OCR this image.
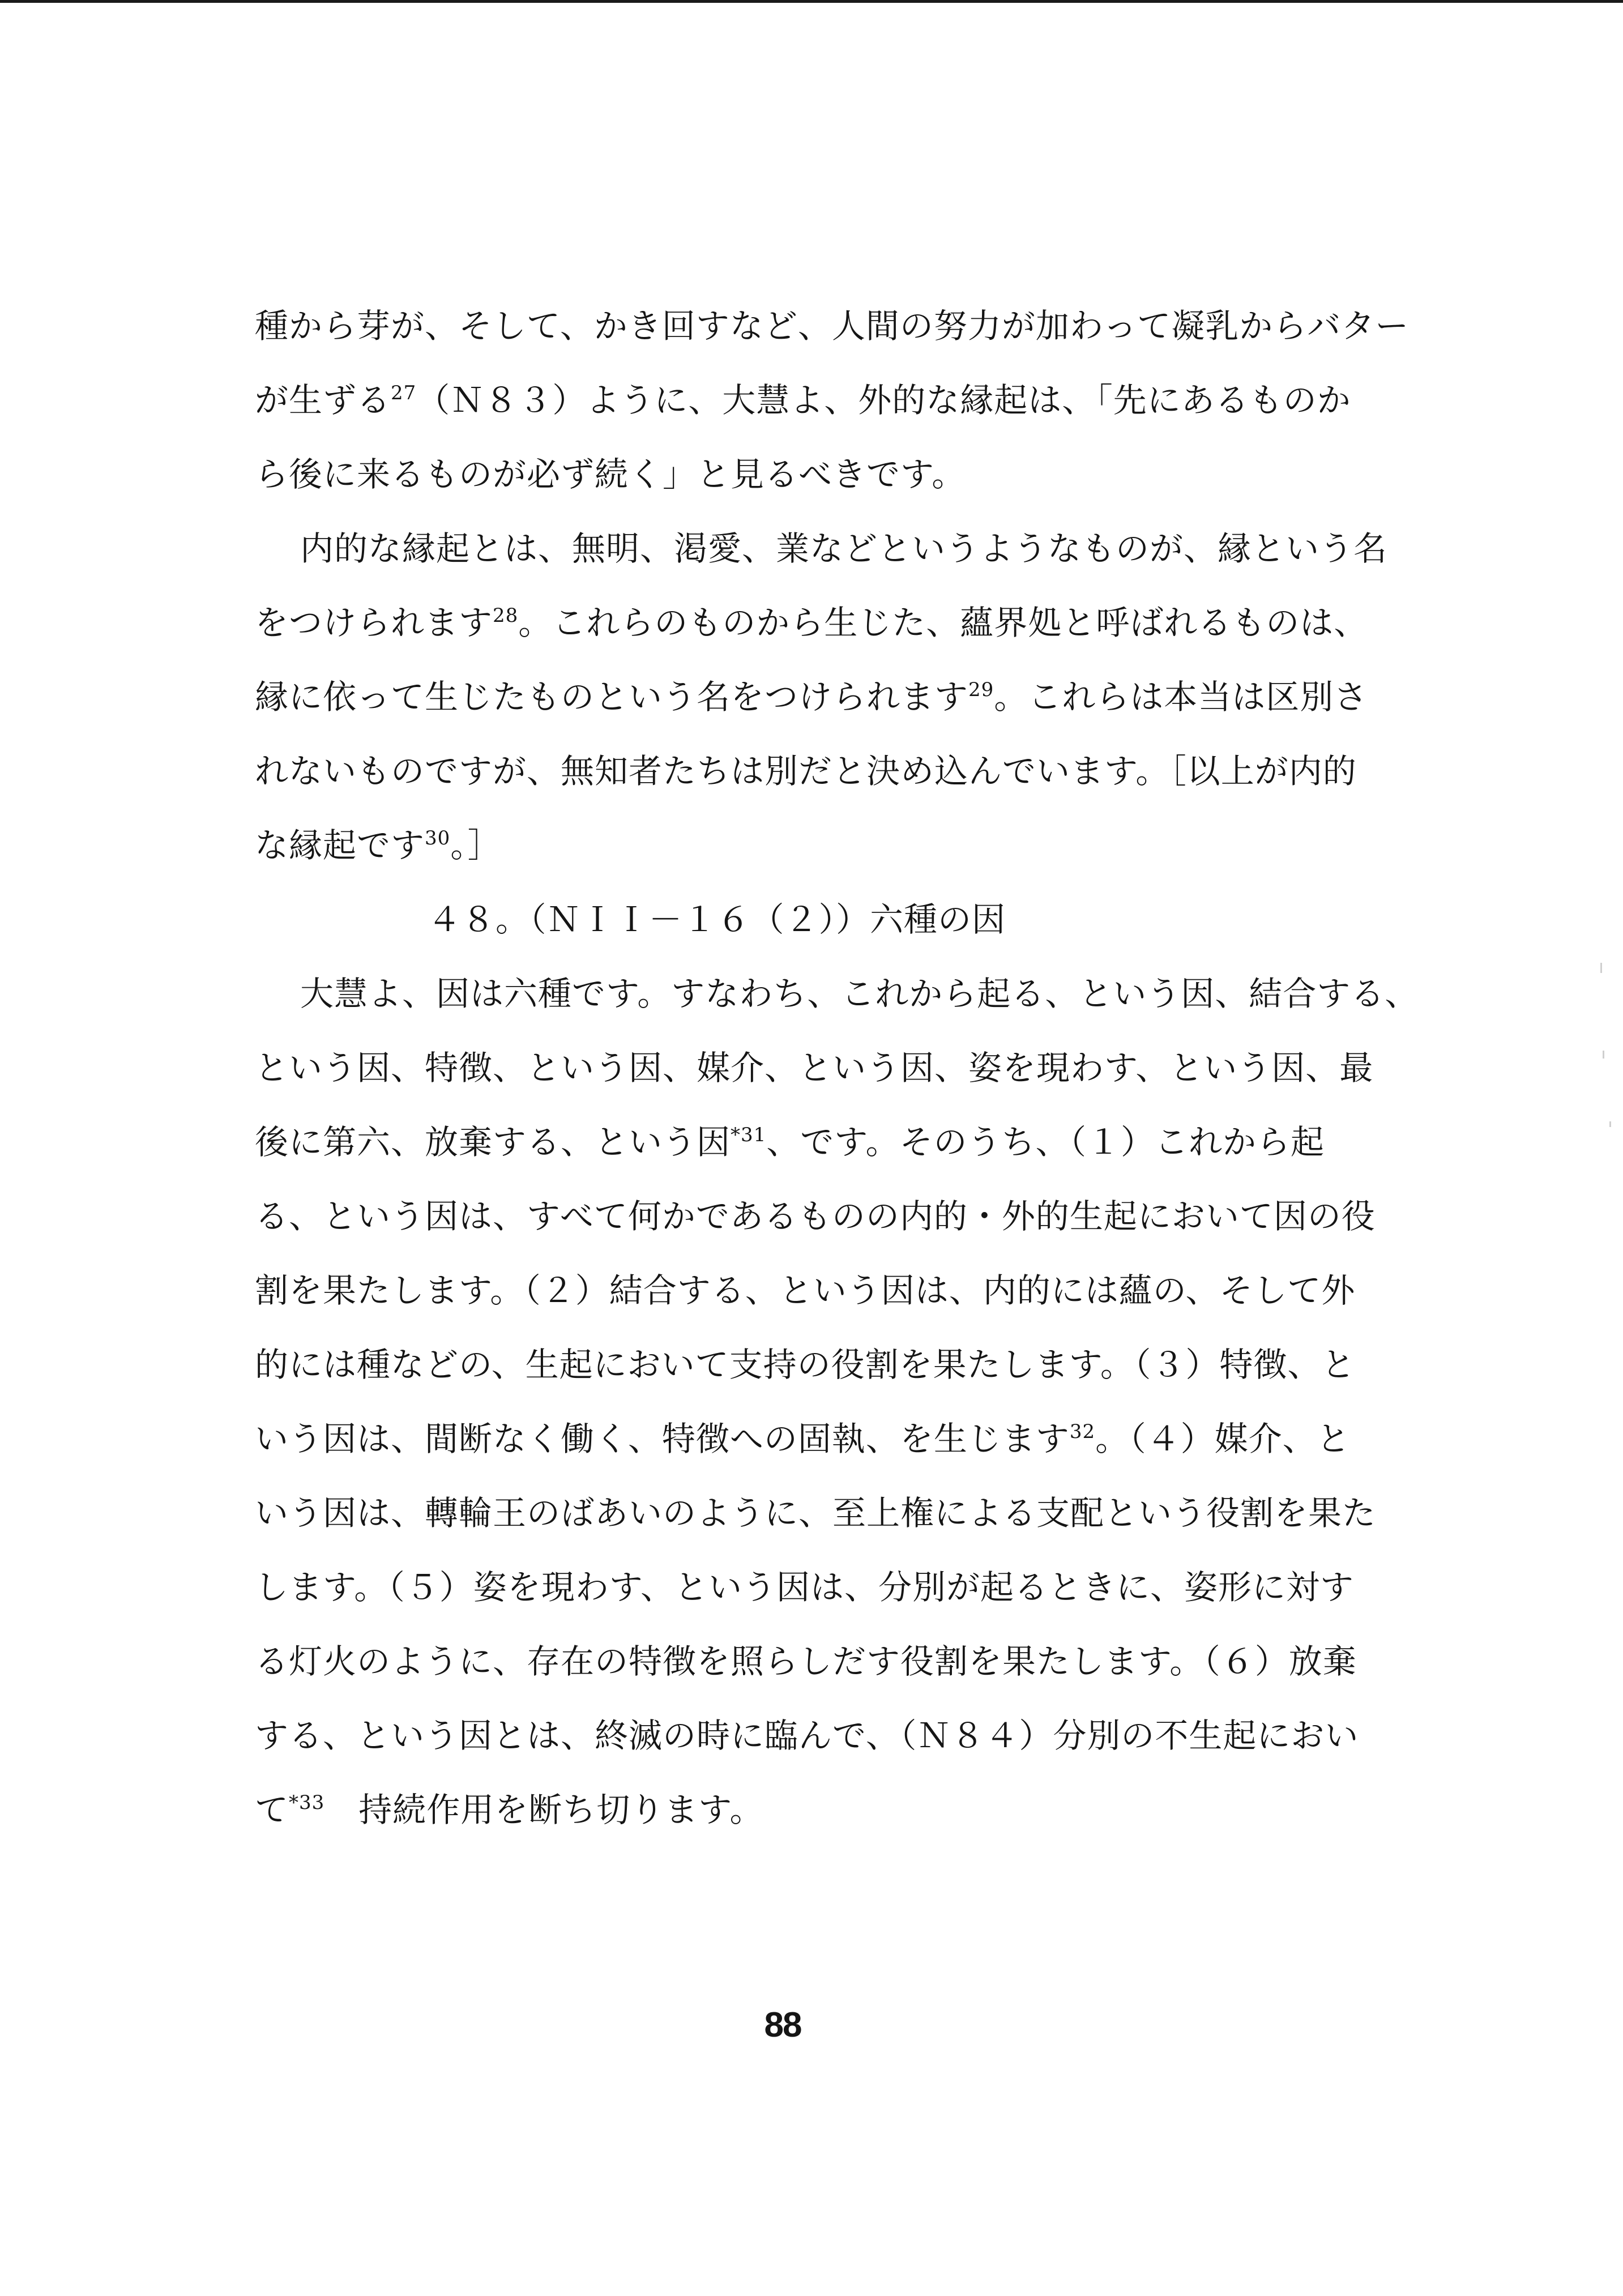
種から芽が、そして、かき回すなど、人間の努力が加わって凝乳からバター
が生ずる$^{27}$（Ｎ８３）ように、大慧よ、外的な縁起は、「先にあるものか
ら後に来るものが必ず続く」と見るべきです。
内的な縁起とは、無明、渇愛、業などというようなものが、縁という名
をつけられます$^{28}$。これらのものから生じた、蘊界処と呼ばれるものは、
縁に依って生じたものという名をつけられます$^{29}$。これらは本当は区別さ
れないものですが、無知者たちは別だと決め込んでいます。［以上が内的
な縁起です$^{30}$。］
４８。（ＮＩＩ－１６（２））六種の因
大慧よ、因は六種です。すなわち、これから起る、という因、結合する、
という因、特徴、という因、媒介、という因、姿を現わす、という因、最
後に第六、放棄する、という因$^{*31}$、です。そのうち、（１）これから起
る、という因は、すべて何かであるものの内的・外的生起において因の役
割を果たします。（２）結合する、という因は、内的には蘊の、そして外
的には種などの、生起において支持の役割を果たします。（３）特徴、と
いう因は、間断なく働く、特徴への固執、を生じます$^{32}$。（４）媒介、と
いう因は、轉輪王のばあいのように、至上権による支配という役割を果た
します。（５）姿を現わす、という因は、分別が起るときに、姿形に対す
る灯火のように、存在の特徴を照らしだす役割を果たします。（６）放棄
する、という因とは、終滅の時に臨んで、（Ｎ８４）分別の不生起におい
て$^{*33}$　持続作用を断ち切ります。
88
